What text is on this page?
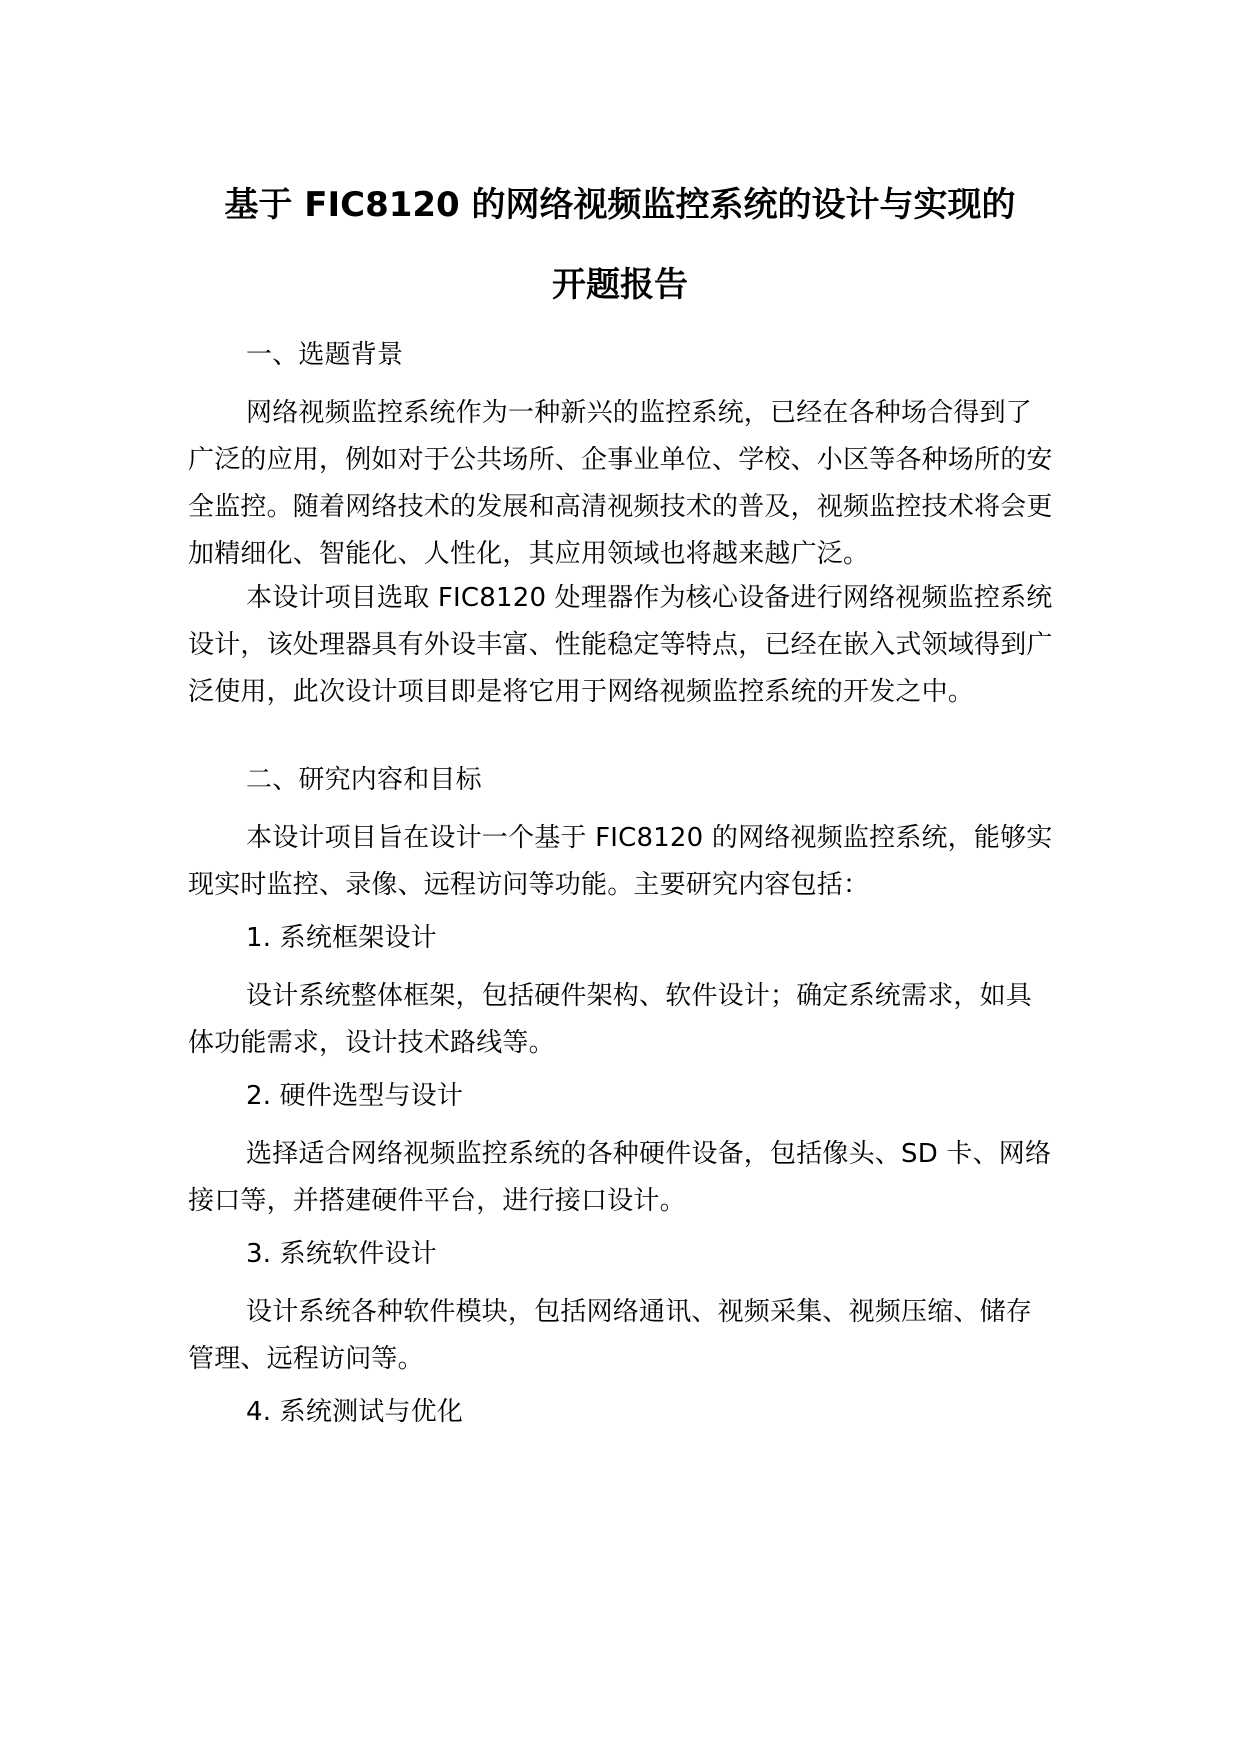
基于 FIC8120 的网络视频监控系统的设计与实现的
开题报告

一、选题背景

网络视频监控系统作为一种新兴的监控系统，已经在各种场合得到了广泛的应用，例如对于公共场所、企事业单位、学校、小区等各种场所的安全监控。随着网络技术的发展和高清视频技术的普及，视频监控技术将会更加精细化、智能化、人性化，其应用领域也将越来越广泛。

本设计项目选取 FIC8120 处理器作为核心设备进行网络视频监控系统设计，该处理器具有外设丰富、性能稳定等特点，已经在嵌入式领域得到广泛使用，此次设计项目即是将它用于网络视频监控系统的开发之中。

二、研究内容和目标

本设计项目旨在设计一个基于 FIC8120 的网络视频监控系统，能够实现实时监控、录像、远程访问等功能。主要研究内容包括：

1. 系统框架设计

设计系统整体框架，包括硬件架构、软件设计；确定系统需求，如具体功能需求，设计技术路线等。

2. 硬件选型与设计

选择适合网络视频监控系统的各种硬件设备，包括像头、SD 卡、网络接口等，并搭建硬件平台，进行接口设计。

3. 系统软件设计

设计系统各种软件模块，包括网络通讯、视频采集、视频压缩、储存管理、远程访问等。

4. 系统测试与优化
